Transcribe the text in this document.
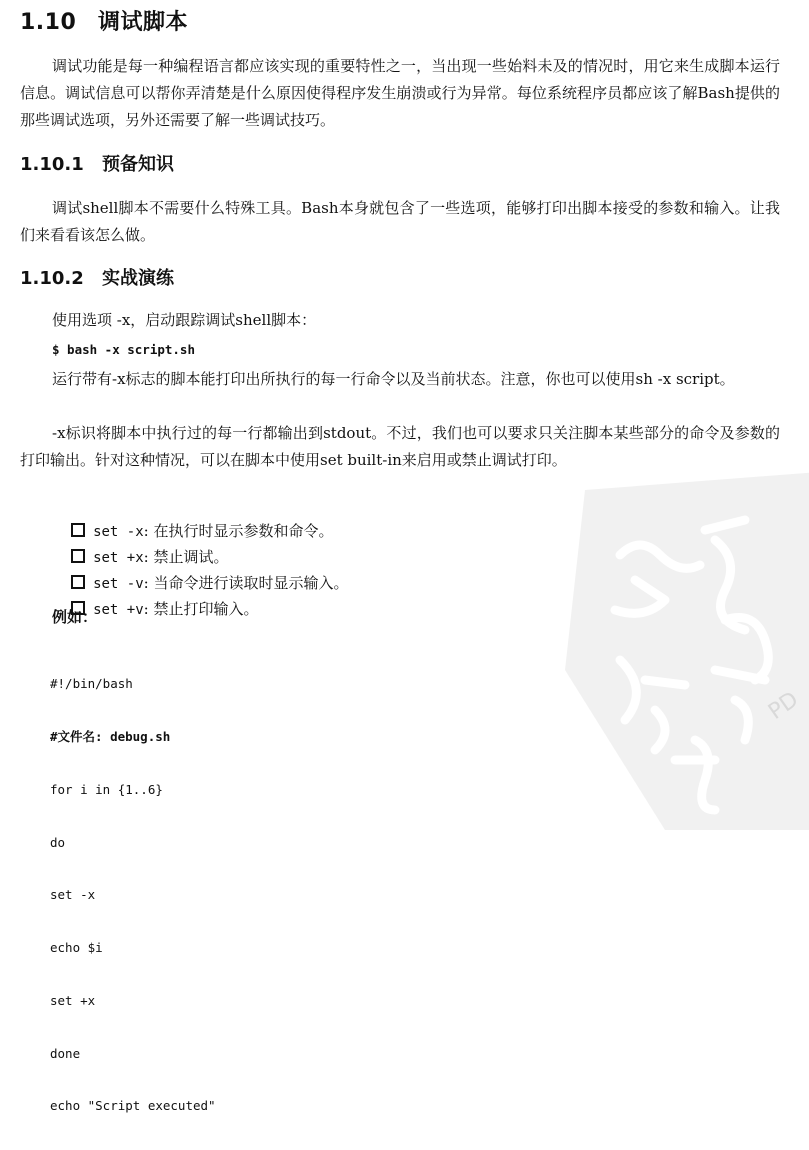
PD
1.10 调试脚本
调试功能是每一种编程语言都应该实现的重要特性之一，当出现一些始料未及的情况时，用它来生成脚本运行信息。调试信息可以帮你弄清楚是什么原因使得程序发生崩溃或行为异常。每位系统程序员都应该了解Bash提供的那些调试选项，另外还需要了解一些调试技巧。
1.10.1 预备知识
调试shell脚本不需要什么特殊工具。Bash本身就包含了一些选项，能够打印出脚本接受的参数和输入。让我们来看看该怎么做。
1.10.2 实战演练
使用选项 -x，启动跟踪调试shell脚本：
$ bash -x script.sh
运行带有-x标志的脚本能打印出所执行的每一行命令以及当前状态。注意，你也可以使用sh -x script。
-x标识将脚本中执行过的每一行都输出到stdout。不过，我们也可以要求只关注脚本某些部分的命令及参数的打印输出。针对这种情况，可以在脚本中使用set built-in来启用或禁止调试打印。

set -x: 在执行时显示参数和命令。

set +x: 禁止调试。

set -v: 当命令进行读取时显示输入。

set +v: 禁止打印输入。

例如：

#!/bin/bash

#文件名: debug.sh

for i in {1..6}

do

set -x

echo $i

set +x

done

echo "Script executed"
